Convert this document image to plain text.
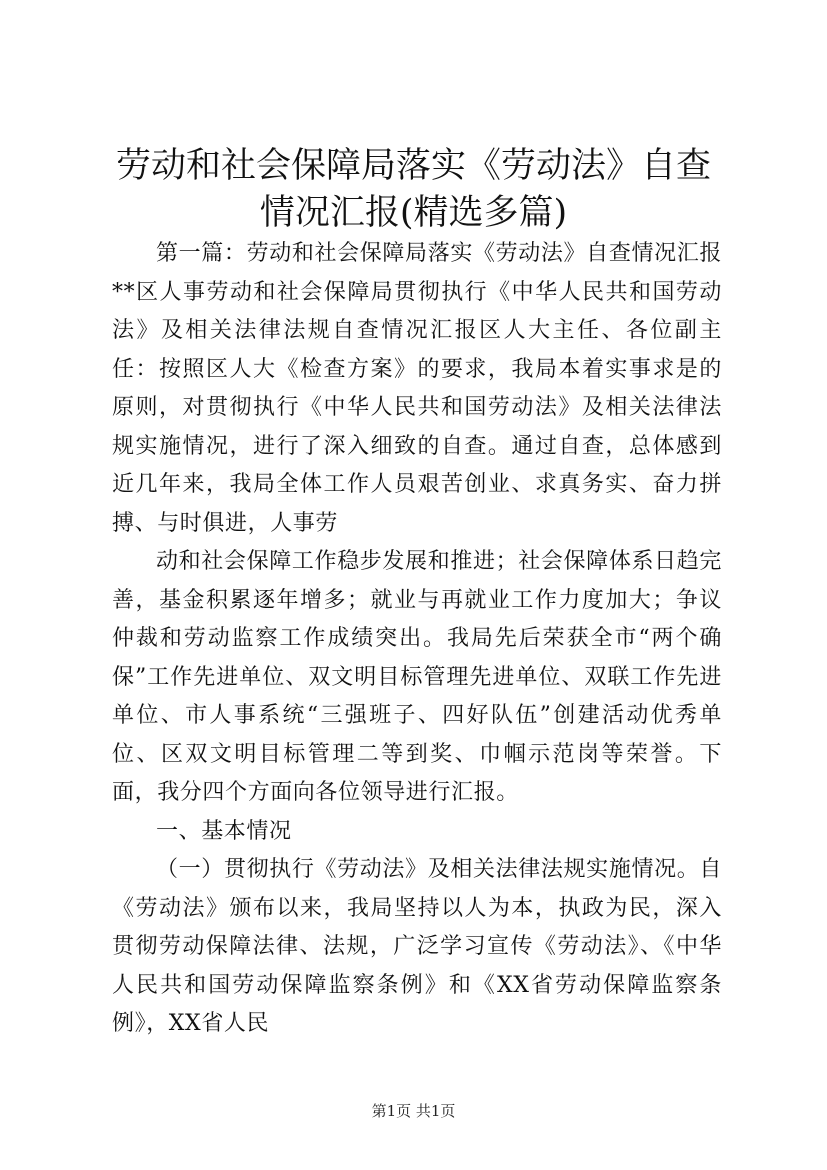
劳动和社会保障局落实《劳动法》自查情况汇报(精选多篇)

第一篇：劳动和社会保障局落实《劳动法》自查情况汇报**区人事劳动和社会保障局贯彻执行《中华人民共和国劳动法》及相关法律法规自查情况汇报区人大主任、各位副主任：按照区人大《检查方案》的要求，我局本着实事求是的原则，对贯彻执行《中华人民共和国劳动法》及相关法律法规实施情况，进行了深入细致的自查。通过自查，总体感到近几年来，我局全体工作人员艰苦创业、求真务实、奋力拼搏、与时俱进，人事劳

动和社会保障工作稳步发展和推进；社会保障体系日趋完善，基金积累逐年增多；就业与再就业工作力度加大；争议仲裁和劳动监察工作成绩突出。我局先后荣获全市“两个确保”工作先进单位、双文明目标管理先进单位、双联工作先进单位、市人事系统“三强班子、四好队伍”创建活动优秀单位、区双文明目标管理二等到奖、巾帼示范岗等荣誉。下面，我分四个方面向各位领导进行汇报。

一、基本情况

（一）贯彻执行《劳动法》及相关法律法规实施情况。自《劳动法》颁布以来，我局坚持以人为本，执政为民，深入贯彻劳动保障法律、法规，广泛学习宣传《劳动法》、《中华人民共和国劳动保障监察条例》和《XX省劳动保障监察条例》，XX省人民

第1页 共1页
